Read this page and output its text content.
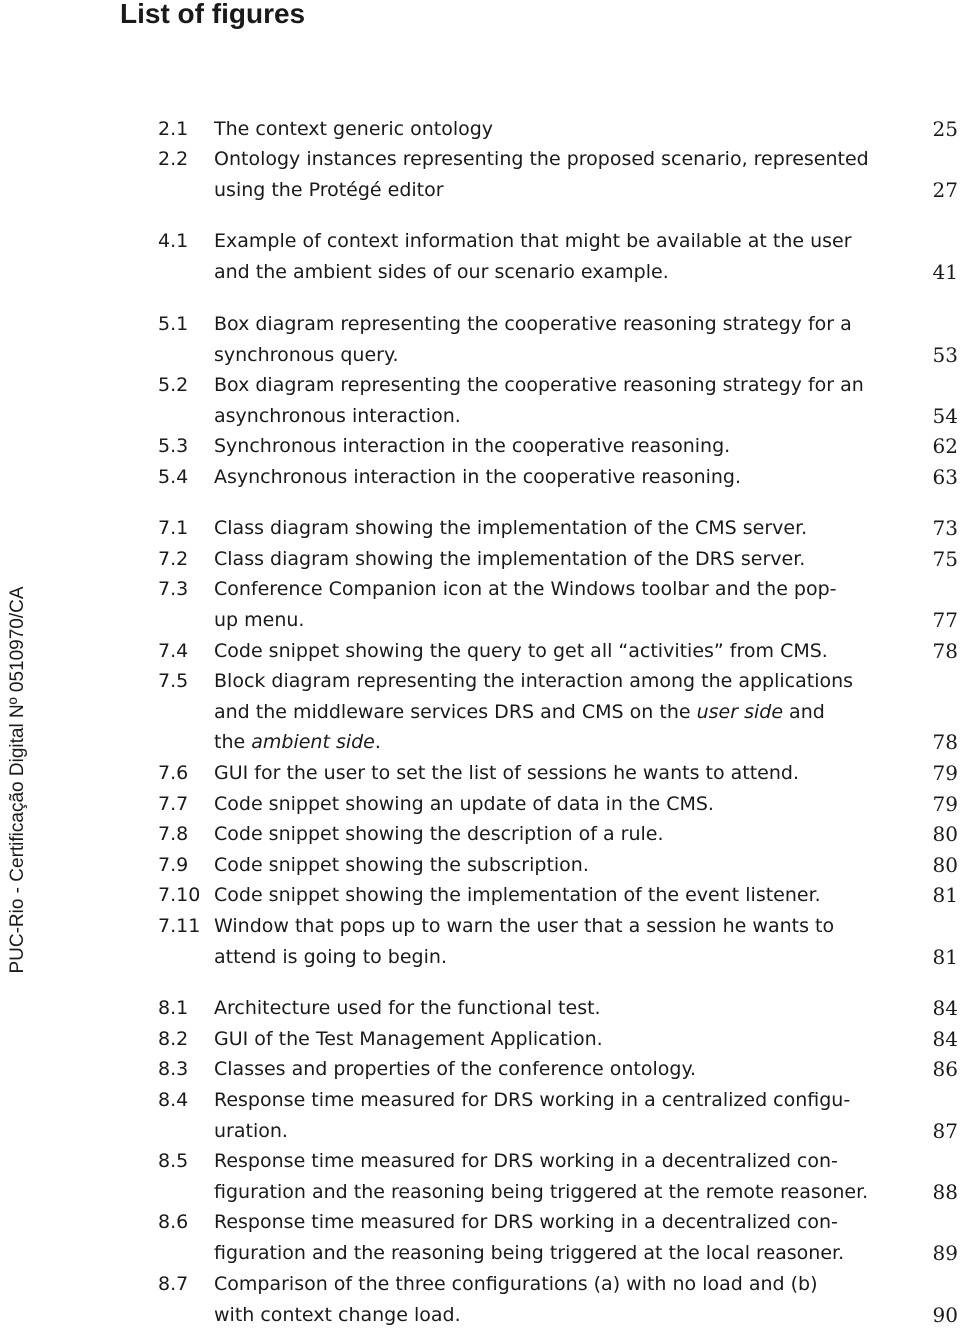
List of figures
PUC-Rio - Certificação Digital Nº 0510970/CA
2.1 The context generic ontology	25
2.2 Ontology instances representing the proposed scenario, represented
using the Protégé editor	27
4.1 Example of context information that might be available at the user
and the ambient sides of our scenario example.	41
5.1 Box diagram representing the cooperative reasoning strategy for a
synchronous query.	53
5.2 Box diagram representing the cooperative reasoning strategy for an
asynchronous interaction.	54
5.3 Synchronous interaction in the cooperative reasoning.	62
5.4 Asynchronous interaction in the cooperative reasoning.	63
7.1 Class diagram showing the implementation of the CMS server.	73
7.2 Class diagram showing the implementation of the DRS server.	75
7.3 Conference Companion icon at the Windows toolbar and the pop-
up menu.	77
7.4 Code snippet showing the query to get all “activities” from CMS.	78
7.5 Block diagram representing the interaction among the applications
and the middleware services DRS and CMS on the user side and
the ambient side.	78
7.6 GUI for the user to set the list of sessions he wants to attend.	79
7.7 Code snippet showing an update of data in the CMS.	79
7.8 Code snippet showing the description of a rule.	80
7.9 Code snippet showing the subscription.	80
7.10 Code snippet showing the implementation of the event listener.	81
7.11 Window that pops up to warn the user that a session he wants to
attend is going to begin.	81
8.1 Architecture used for the functional test.	84
8.2 GUI of the Test Management Application.	84
8.3 Classes and properties of the conference ontology.	86
8.4 Response time measured for DRS working in a centralized configu-
uration.	87
8.5 Response time measured for DRS working in a decentralized con-
figuration and the reasoning being triggered at the remote reasoner.	88
8.6 Response time measured for DRS working in a decentralized con-
figuration and the reasoning being triggered at the local reasoner.	89
8.7 Comparison of the three configurations (a) with no load and (b)
with context change load.	90
